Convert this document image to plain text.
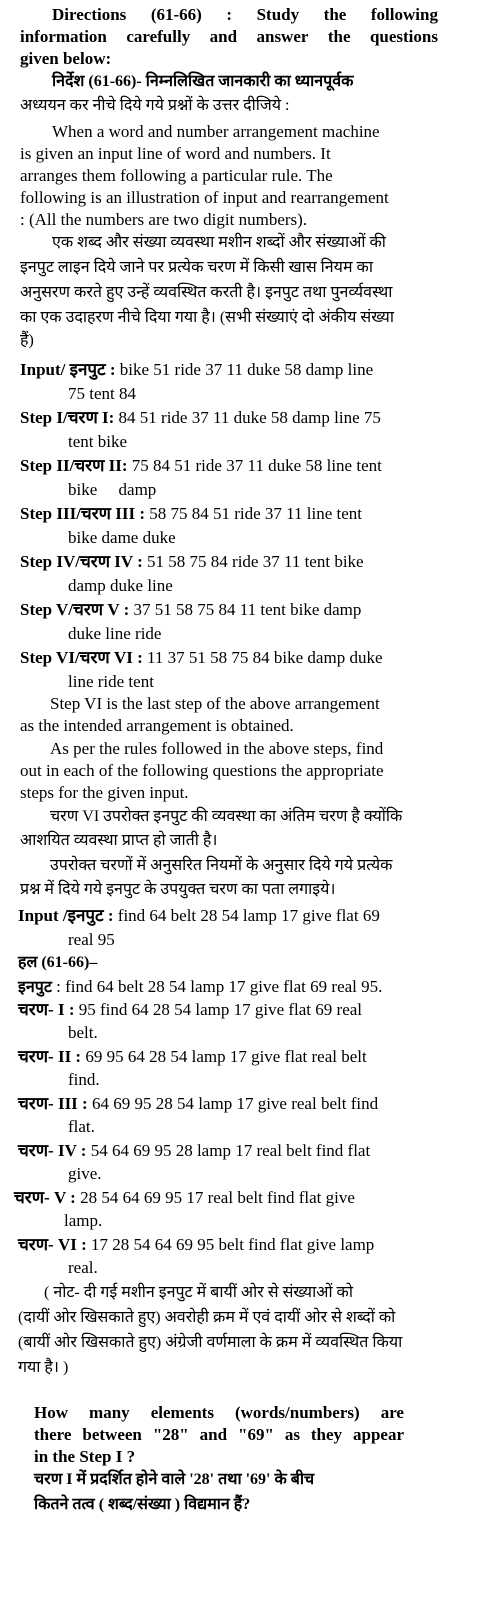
Directions (61-66) : Study the following
information carefully and answer the questions
given below:
निर्देश (61-66)- निम्नलिखित जानकारी का ध्यानपूर्वक
अध्ययन कर नीचे दिये गये प्रश्नों के उत्तर दीजिये :
When a word and number arrangement machine
is given an input line of word and numbers. It
arranges them following a particular rule. The
following is an illustration of input and rearrangement
: (All the numbers are two digit numbers).
एक शब्द और संख्या व्यवस्था मशीन शब्दों और संख्याओं की
इनपुट लाइन दिये जाने पर प्रत्येक चरण में किसी खास नियम का
अनुसरण करते हुए उन्हें व्यवस्थित करती है। इनपुट तथा पुनर्व्यवस्था
का एक उदाहरण नीचे दिया गया है। (सभी संख्याएं दो अंकीय संख्या
हैं)
Input/ इनपुट : bike 51 ride 37 11 duke 58 damp line
75 tent 84
Step I/चरण I: 84 51 ride 37 11 duke 58 damp line 75
tent bike
Step II/चरण II: 75 84 51 ride 37 11 duke 58 line tent
bike     damp
Step III/चरण III : 58 75 84 51 ride 37 11 line tent
bike dame duke
Step IV/चरण IV : 51 58 75 84 ride 37 11 tent bike
damp duke line
Step V/चरण V : 37 51 58 75 84 11 tent bike damp
duke line ride
Step VI/चरण VI : 11 37 51 58 75 84 bike damp duke
line ride tent
Step VI is the last step of the above arrangement
as the intended arrangement is obtained.
As per the rules followed in the above steps, find
out in each of the following questions the appropriate
steps for the given input.
चरण VI उपरोक्त इनपुट की व्यवस्था का अंतिम चरण है क्योंकि
आशयित व्यवस्था प्राप्त हो जाती है।
उपरोक्त चरणों में अनुसरित नियमों के अनुसार दिये गये प्रत्येक
प्रश्न में दिये गये इनपुट के उपयुक्त चरण का पता लगाइये।
Input /इनपुट : find 64 belt 28 54 lamp 17 give flat 69
real 95
हल (61-66)–
इनपुट : find 64 belt 28 54 lamp 17 give flat 69 real 95.
चरण- I : 95 find 64 28 54 lamp 17 give flat 69 real
belt.
चरण- II : 69 95 64 28 54 lamp 17 give flat real belt
find.
चरण- III : 64 69 95 28 54 lamp 17 give real belt find
flat.
चरण- IV : 54 64 69 95 28 lamp 17 real belt find flat
give.
चरण- V : 28 54 64 69 95 17 real belt find flat give
lamp.
चरण- VI : 17 28 54 64 69 95 belt find flat give lamp
real.
( नोट- दी गई मशीन इनपुट में बायीं ओर से संख्याओं को
(दायीं ओर खिसकाते हुए) अवरोही क्रम में एवं दायीं ओर से शब्दों को
(बायीं ओर खिसकाते हुए) अंग्रेजी वर्णमाला के क्रम में व्यवस्थित किया
गया है। )
How many elements (words/numbers) are
there between "28" and "69" as they appear
in the Step I ?
चरण I में प्रदर्शित होने वाले '28' तथा '69' के बीच
कितने तत्व ( शब्द/संख्या ) विद्यमान हैं?
